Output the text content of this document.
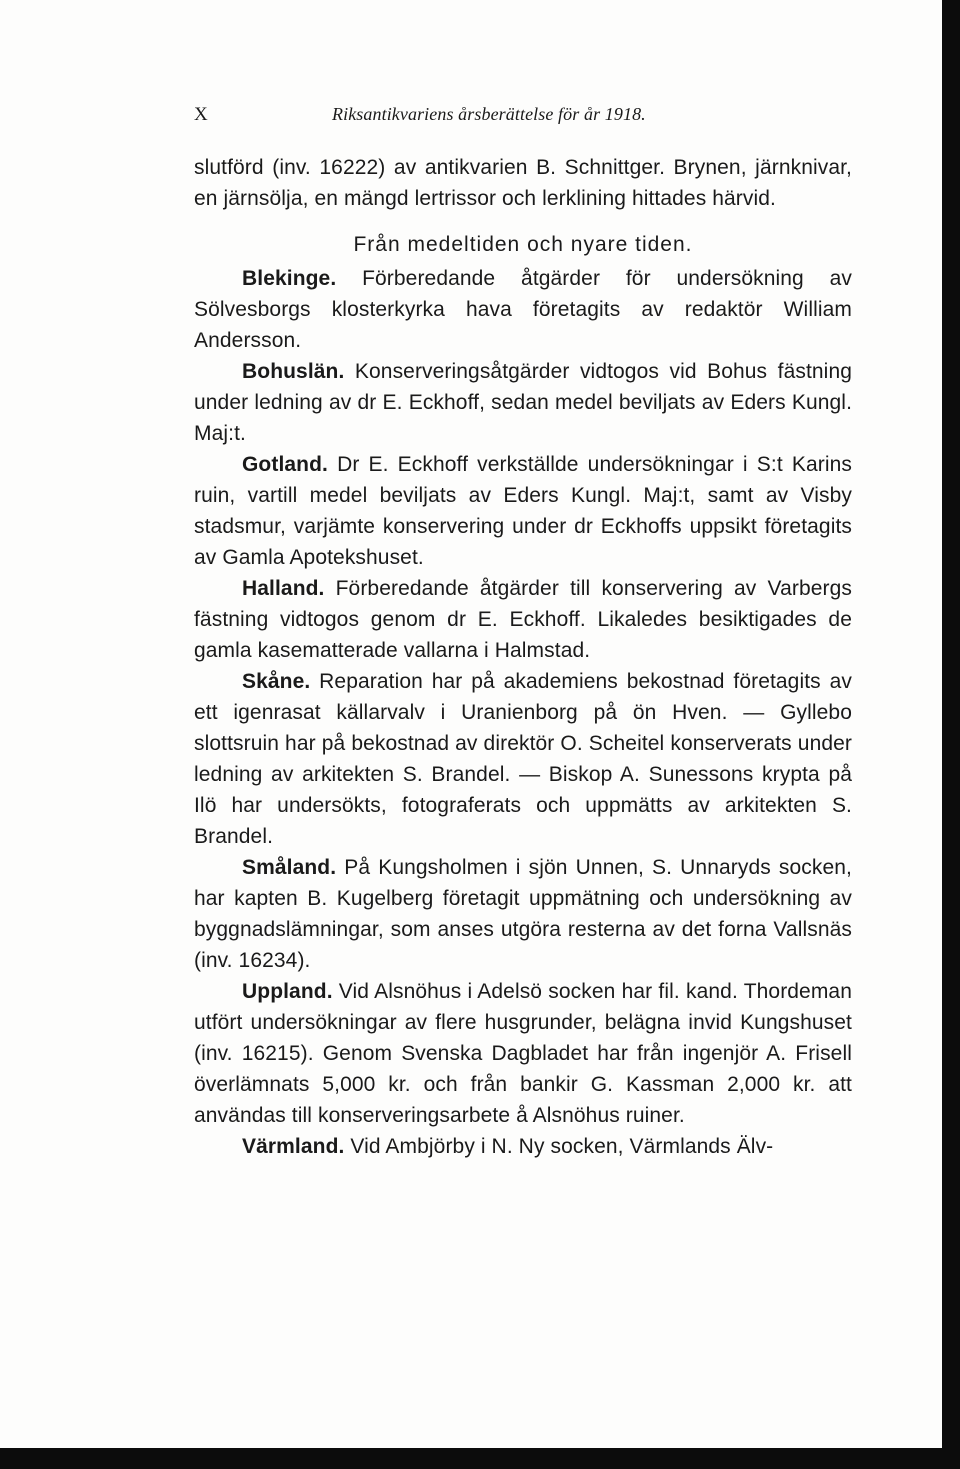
X	Riksantikvariens årsberättelse för år 1918.

slutförd (inv. 16222) av antikvarien B. Schnittger. Brynen, järnknivar, en järnsölja, en mängd lertrissor och lerklining hittades härvid.

Från medeltiden och nyare tiden.

Blekinge. Förberedande åtgärder för undersökning av Sölvesborgs klosterkyrka hava företagits av redaktör William Andersson.

Bohuslän. Konserveringsåtgärder vidtogos vid Bohus fästning under ledning av dr E. Eckhoff, sedan medel beviljats av Eders Kungl. Maj:t.

Gotland. Dr E. Eckhoff verkställde undersökningar i S:t Karins ruin, vartill medel beviljats av Eders Kungl. Maj:t, samt av Visby stadsmur, varjämte konservering under dr Eckhoffs uppsikt företagits av Gamla Apotekshuset.

Halland. Förberedande åtgärder till konservering av Varbergs fästning vidtogos genom dr E. Eckhoff. Likaledes besiktigades de gamla kasematterade vallarna i Halmstad.

Skåne. Reparation har på akademiens bekostnad företagits av ett igenrasat källarvalv i Uranienborg på ön Hven. — Gyllebo slottsruin har på bekostnad av direktör O. Scheitel konserverats under ledning av arkitekten S. Brandel. — Biskop A. Sunessons krypta på Ilö har undersökts, fotograferats och uppmätts av arkitekten S. Brandel.

Småland. På Kungsholmen i sjön Unnen, S. Unnaryds socken, har kapten B. Kugelberg företagit uppmätning och undersökning av byggnadslämningar, som anses utgöra resterna av det forna Vallsnäs (inv. 16234).

Uppland. Vid Alsnöhus i Adelsö socken har fil. kand. Thordeman utfört undersökningar av flere husgrunder, belägna invid Kungshuset (inv. 16215). Genom Svenska Dagbladet har från ingenjör A. Frisell överlämnats 5,000 kr. och från bankir G. Kassman 2,000 kr. att användas till konserveringsarbete å Alsnöhus ruiner.

Värmland. Vid Ambjörby i N. Ny socken, Värmlands Älv-
